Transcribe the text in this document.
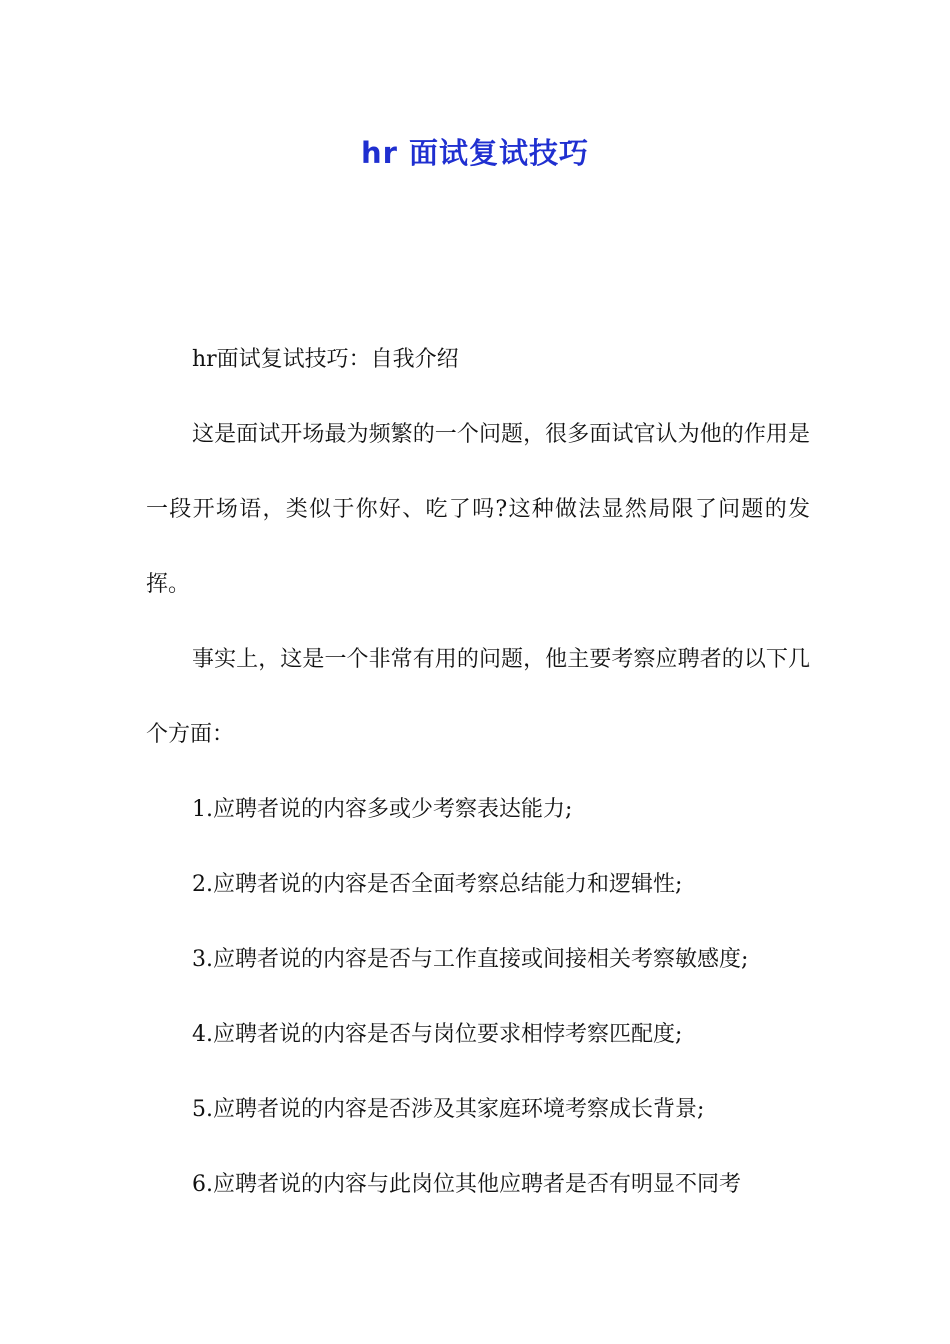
hr 面试复试技巧

hr面试复试技巧：自我介绍

这是面试开场最为频繁的一个问题，很多面试官认为他的作用是一段开场语，类似于你好、吃了吗?这种做法显然局限了问题的发挥。

事实上，这是一个非常有用的问题，他主要考察应聘者的以下几个方面：

1.应聘者说的内容多或少考察表达能力;

2.应聘者说的内容是否全面考察总结能力和逻辑性;

3.应聘者说的内容是否与工作直接或间接相关考察敏感度;

4.应聘者说的内容是否与岗位要求相悖考察匹配度;

5.应聘者说的内容是否涉及其家庭环境考察成长背景;

6.应聘者说的内容与此岗位其他应聘者是否有明显不同考
